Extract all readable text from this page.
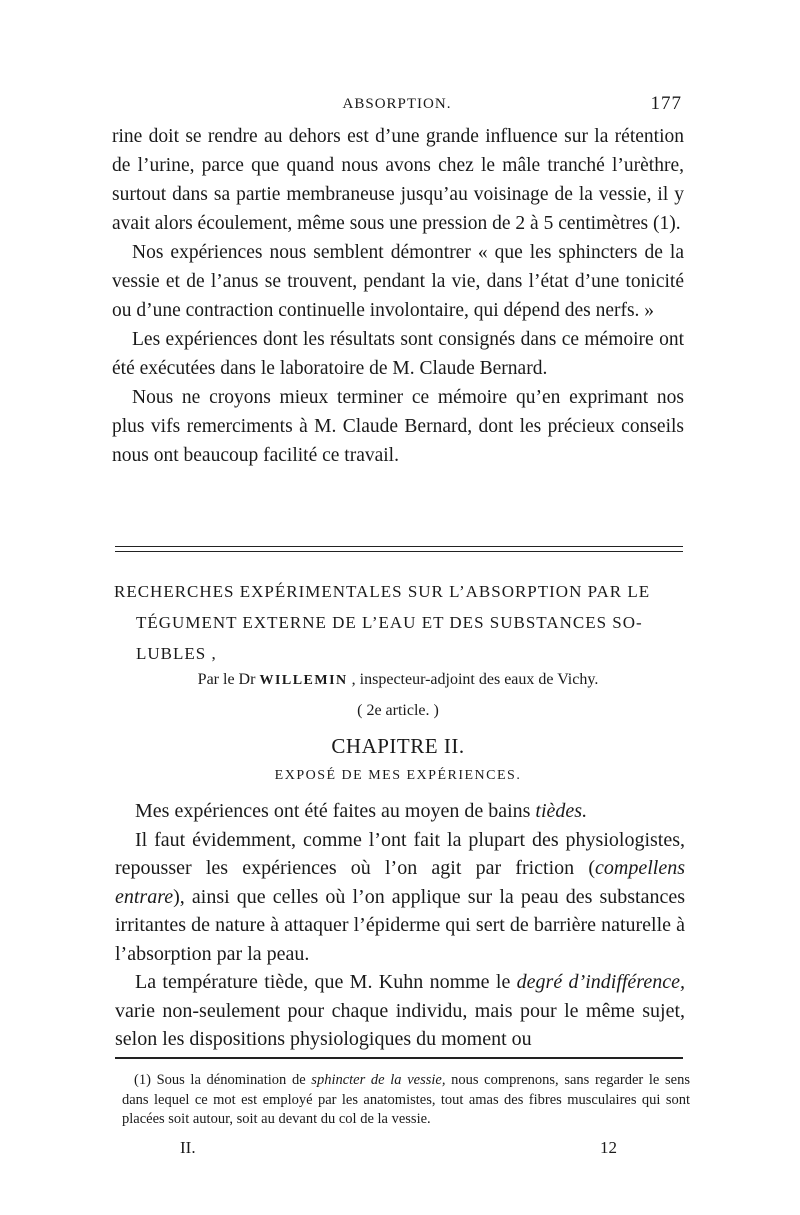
ABSORPTION.	177

rine doit se rendre au dehors est d’une grande influence sur la rétention de l’urine, parce que quand nous avons chez le mâle tranché l’urèthre, surtout dans sa partie membraneuse jusqu’au voisinage de la vessie, il y avait alors écoulement, même sous une pression de 2 à 5 centimètres (1).

Nos expériences nous semblent démontrer « que les sphincters de la vessie et de l’anus se trouvent, pendant la vie, dans l’état d’une tonicité ou d’une contraction continuelle involontaire, qui dépend des nerfs. »

Les expériences dont les résultats sont consignés dans ce mémoire ont été exécutées dans le laboratoire de M. Claude Bernard.

Nous ne croyons mieux terminer ce mémoire qu’en exprimant nos plus vifs remerciments à M. Claude Bernard, dont les précieux conseils nous ont beaucoup facilité ce travail.

RECHERCHES EXPÉRIMENTALES SUR L’ABSORPTION PAR LE
TÉGUMENT EXTERNE DE L’EAU ET DES SUBSTANCES SO-
LUBLES ,
Par le Dr WILLEMIN , inspecteur-adjoint des eaux de Vichy.
( 2e article. )
CHAPITRE II.
EXPOSÉ DE MES EXPÉRIENCES.

Mes expériences ont été faites au moyen de bains tièdes.

Il faut évidemment, comme l’ont fait la plupart des physiologistes, repousser les expériences où l’on agit par friction (compellens entrare), ainsi que celles où l’on applique sur la peau des substances irritantes de nature à attaquer l’épiderme qui sert de barrière naturelle à l’absorption par la peau.

La température tiède, que M. Kuhn nomme le degré d’indifférence, varie non-seulement pour chaque individu, mais pour le même sujet, selon les dispositions physiologiques du moment ou

(1) Sous la dénomination de sphincter de la vessie, nous comprenons, sans regarder le sens dans lequel ce mot est employé par les anatomistes, tout amas des fibres musculaires qui sont placées soit autour, soit au devant du col de la vessie.

II.	12
